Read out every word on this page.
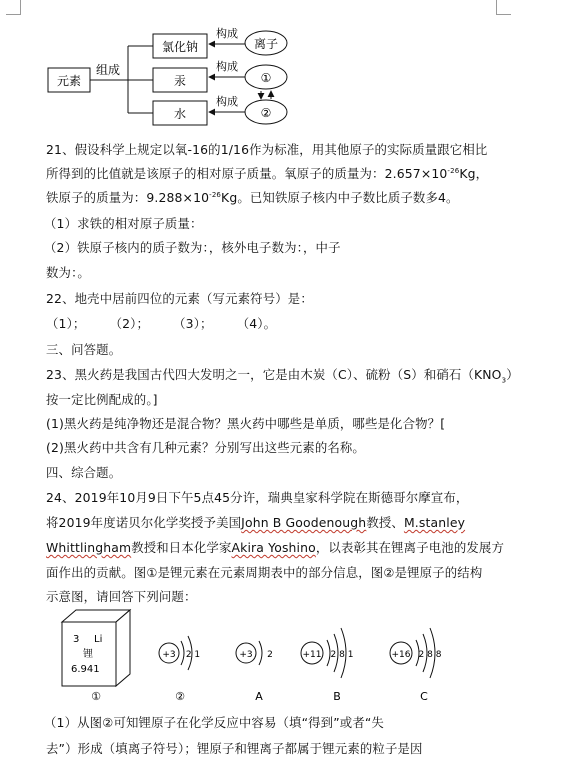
元素
组成
氯化钠
汞
水
构成
构成
构成
离子
①
②
21、假设科学上规定以氧-16的1/16作为标准，用其他原子的实际质量跟它相比
所得到的比值就是该原子的相对原子质量。氧原子的质量为：$2.657\times 10^{-26}Kg$，
铁原子的质量为：$9.288\times 10^{-26}Kg$。已知铁原子核内中子数比质子数多4。
（1）求铁的相对原子质量：
（2）铁原子核内的质子数为：，核外电子数为：，中子
数为：。
22、地壳中居前四位的元素（写元素符号）是：
（1）； （2）； （3）； （4）。
三、问答题。
23、黑火药是我国古代四大发明之一，它是由木炭（C）、硫粉（S）和硝石$(KNO_3)$
按一定比例配成的。]
(1)黑火药是纯净物还是混合物？黑火药中哪些是单质，哪些是化合物？[
(2)黑火药中共含有几种元素？分别写出这些元素的名称。
四、综合题。
24、2019年10月9日下午5点45分许，瑞典皇家科学院在斯德哥尔摩宣布，
将2019年度诺贝尔化学奖授予美国John B Goodenough教授、M.stanley
Whittlingham教授和日本化学家Akira Yoshino，以表彰其在锂离子电池的发展方
面作出的贡献。图①是锂元素在元素周期表中的部分信息，图②是锂原子的结构
示意图，请回答下列问题：
3 Li
锂
6.941
+3 2 1	+3 2	+11 2 8 1	+16 2 8 8
①	②	A	B	C
（1）从图②可知锂原子在化学反应中容易（填“得到”或者“失
去”）形成（填离子符号）；锂原子和锂离子都属于锂元素的粒子是因
